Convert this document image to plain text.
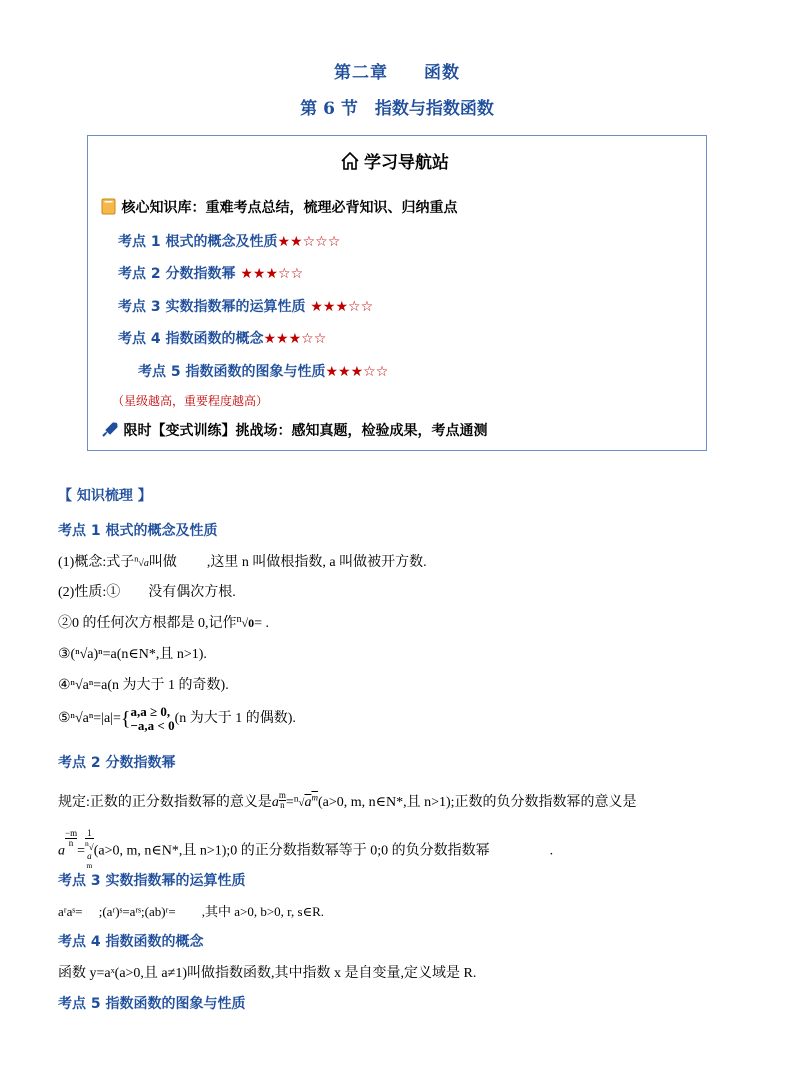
第二章　　函数
第 6 节　指数与指数函数
学习导航站
核心知识库：重难考点总结，梳理必背知识、归纳重点
考点 1 根式的概念及性质★★☆☆☆
考点 2 分数指数幂 ★★★☆☆
考点 3 实数指数幂的运算性质 ★★★☆☆
考点 4 指数函数的概念★★★☆☆
考点 5 指数函数的图象与性质★★★☆☆
（星级越高，重要程度越高）
限时【变式训练】挑战场：感知真题，检验成果，考点通测
【 知识梳理 】
考点 1 根式的概念及性质
(1)概念:式子$^n$√a叫做 ,这里 n 叫做根指数, a 叫做被开方数.
(2)性质:①　　没有偶次方根.
②0 的任何次方根都是 0,记作$^n$√0= .
③(ⁿ√a)ⁿ=a(n∈N*,且 n>1).
④ⁿ√aⁿ=a(n 为大于 1 的奇数).
⑤ⁿ√aⁿ=|a|={ a,a ≥ 0,
−a,a < 0 (n 为大于 1 的偶数).
考点 2 分数指数幂
规定:正数的正分数指数幂的意义是a $\frac{m}{n} =^n√a^m(a>0$, m, n∈N*,且 n>1);正数的负分数指数幂的意义是
a
$\frac{-m}{n}$
= 1
$^n$√
a
$^m$ (a>0, m, n∈N*,且 n>1);0 的正分数指数幂等于 0;0 的负分数指数幂	.
考点 3 实数指数幂的运算性质
aʳaˢ=　 ;(aʳ)ˢ=aʳˢ;(ab)ʳ=　　,其中 a>0, b>0, r, s∈R.
考点 4 指数函数的概念
函数 y=aˣ(a>0,且 a≠1)叫做指数函数,其中指数 x 是自变量,定义域是 R.
考点 5 指数函数的图象与性质
